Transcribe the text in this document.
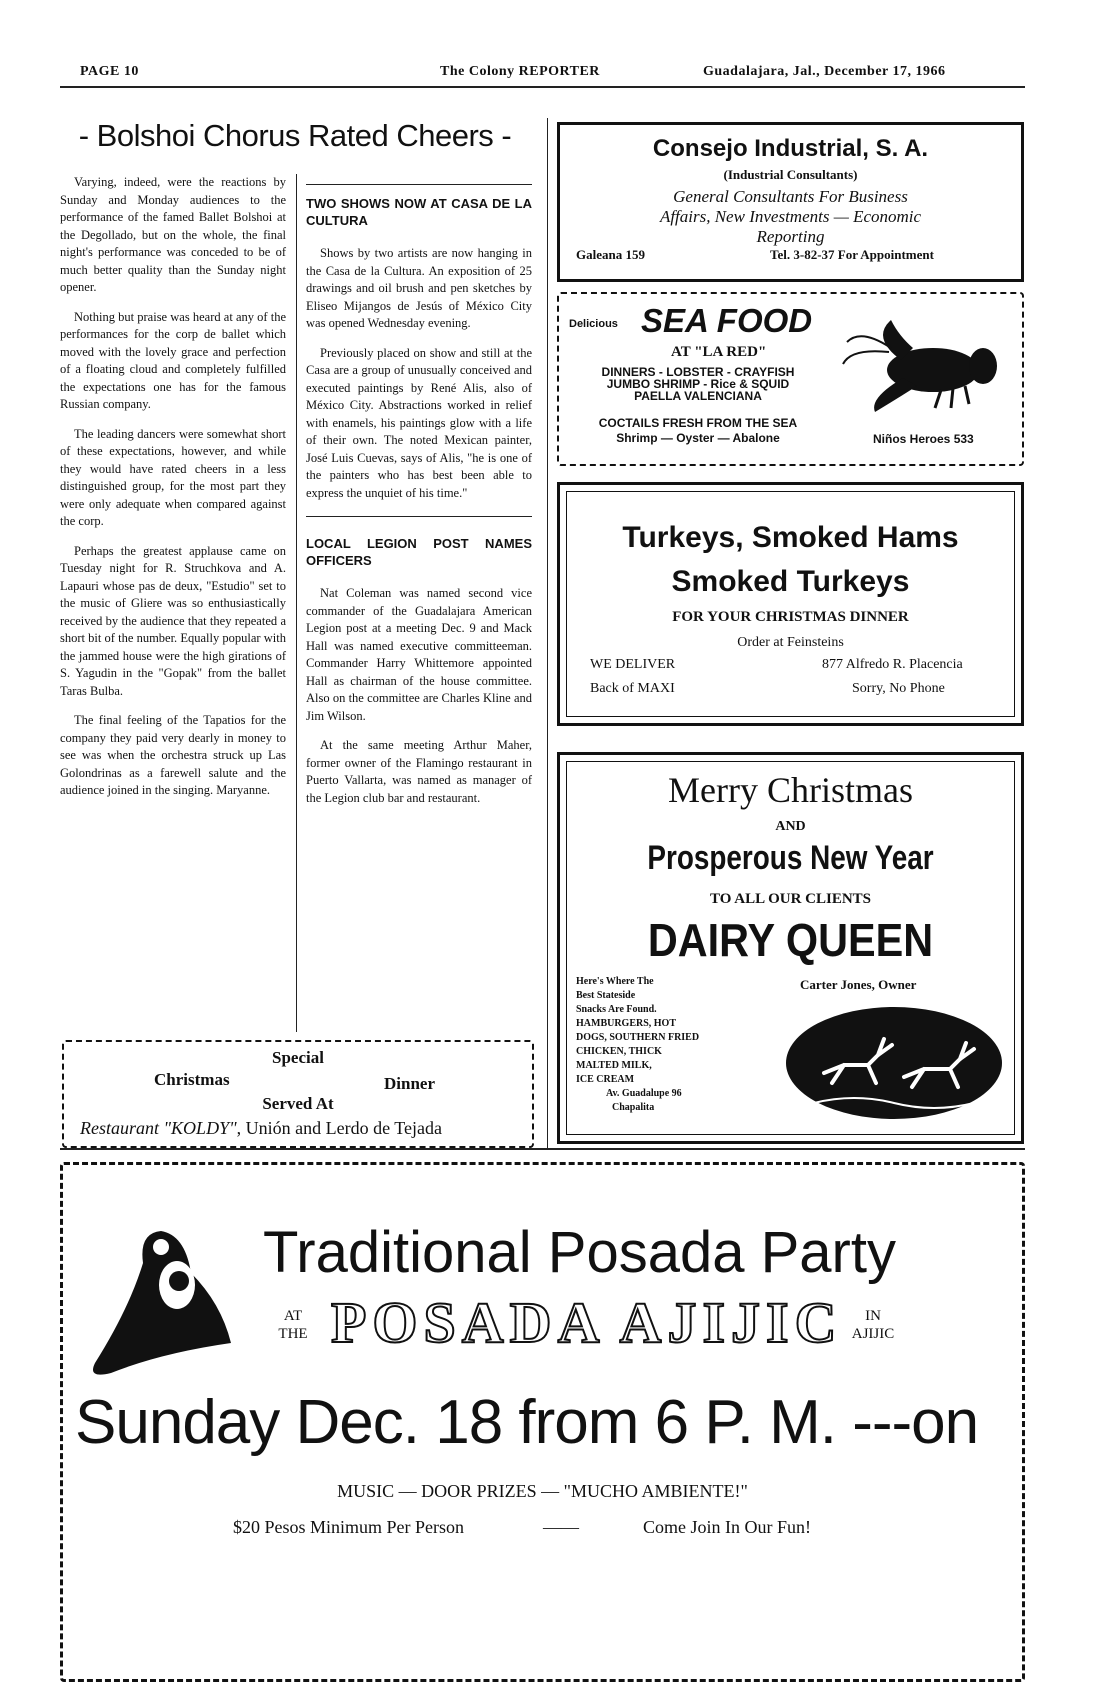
PAGE 10	The Colony REPORTER	Guadalajara, Jal., December 17, 1966
- Bolshoi Chorus Rated Cheers -

Varying, indeed, were the reactions by Sunday and Monday audiences to the performance of the famed Ballet Bolshoi at the Degollado, but on the whole, the final night's performance was conceded to be of much better quality than the Sunday night opener.

Nothing but praise was heard at any of the performances for the corp de ballet which moved with the lovely grace and perfection of a floating cloud and completely fulfilled the expectations one has for the famous Russian company.

The leading dancers were somewhat short of these expectations, however, and while they would have rated cheers in a less distinguished group, for the most part they were only adequate when compared against the corp.

Perhaps the greatest applause came on Tuesday night for R. Struchkova and A. Lapauri whose pas de deux, "Estudio" set to the music of Gliere was so enthusiastically received by the audience that they repeated a short bit of the number. Equally popular with the jammed house were the high girations of S. Yagudin in the "Gopak" from the ballet Taras Bulba.

The final feeling of the Tapatios for the company they paid very dearly in money to see was when the orchestra struck up Las Golondrinas as a farewell salute and the audience joined in the singing. Maryanne.

TWO SHOWS NOW AT CASA DE LA CULTURA

Shows by two artists are now hanging in the Casa de la Cultura. An exposition of 25 drawings and oil brush and pen sketches by Eliseo Mijangos de Jesús of México City was opened Wednesday evening.

Previously placed on show and still at the Casa are a group of unusually conceived and executed paintings by René Alis, also of México City. Abstractions worked in relief with enamels, his paintings glow with a life of their own. The noted Mexican painter, José Luis Cuevas, says of Alis, "he is one of the painters who has best been able to express the unquiet of his time."

LOCAL LEGION POST NAMES OFFICERS

Nat Coleman was named second vice commander of the Guadalajara American Legion post at a meeting Dec. 9 and Mack Hall was named executive committeeman. Commander Harry Whittemore appointed Hall as chairman of the house committee. Also on the committee are Charles Kline and Jim Wilson.

At the same meeting Arthur Maher, former owner of the Flamingo restaurant in Puerto Vallarta, was named as manager of the Legion club bar and restaurant.

Special
Christmas	Dinner
Served At
Restaurant "KOLDY", Unión and Lerdo de Tejada
Consejo Industrial, S. A.
(Industrial Consultants)
General Consultants For Business
Affairs, New Investments — Economic
Reporting
Galeana 159	Tel. 3-82-37 For Appointment
Delicious SEA FOOD
AT "LA RED"
DINNERS - LOBSTER - CRAYFISH
JUMBO SHRIMP - Rice & SQUID
PAELLA VALENCIANA
COCTAILS FRESH FROM THE SEA
Shrimp — Oyster — Abalone	Niños Heroes 533
Turkeys, Smoked Hams
Smoked Turkeys
FOR YOUR CHRISTMAS DINNER
Order at Feinsteins
WE DELIVER	877 Alfredo R. Placencia
Back of MAXI	Sorry, No Phone
Merry Christmas
AND
Prosperous New Year
TO ALL OUR CLIENTS
DAIRY QUEEN
Here's Where The
Best Stateside
Snacks Are Found.
HAMBURGERS, HOT
DOGS, SOUTHERN FRIED
CHICKEN, THICK
MALTED MILK,
ICE CREAM
Av. Guadalupe 96
Chapalita
Carter Jones, Owner
Traditional Posada Party
AT
THE POSADA AJIJIC	IN
AJIJIC
Sunday Dec. 18 from 6 P. M. ---on
MUSIC — DOOR PRIZES — "MUCHO AMBIENTE!"
$20 Pesos Minimum Per Person	——	Come Join In Our Fun!
